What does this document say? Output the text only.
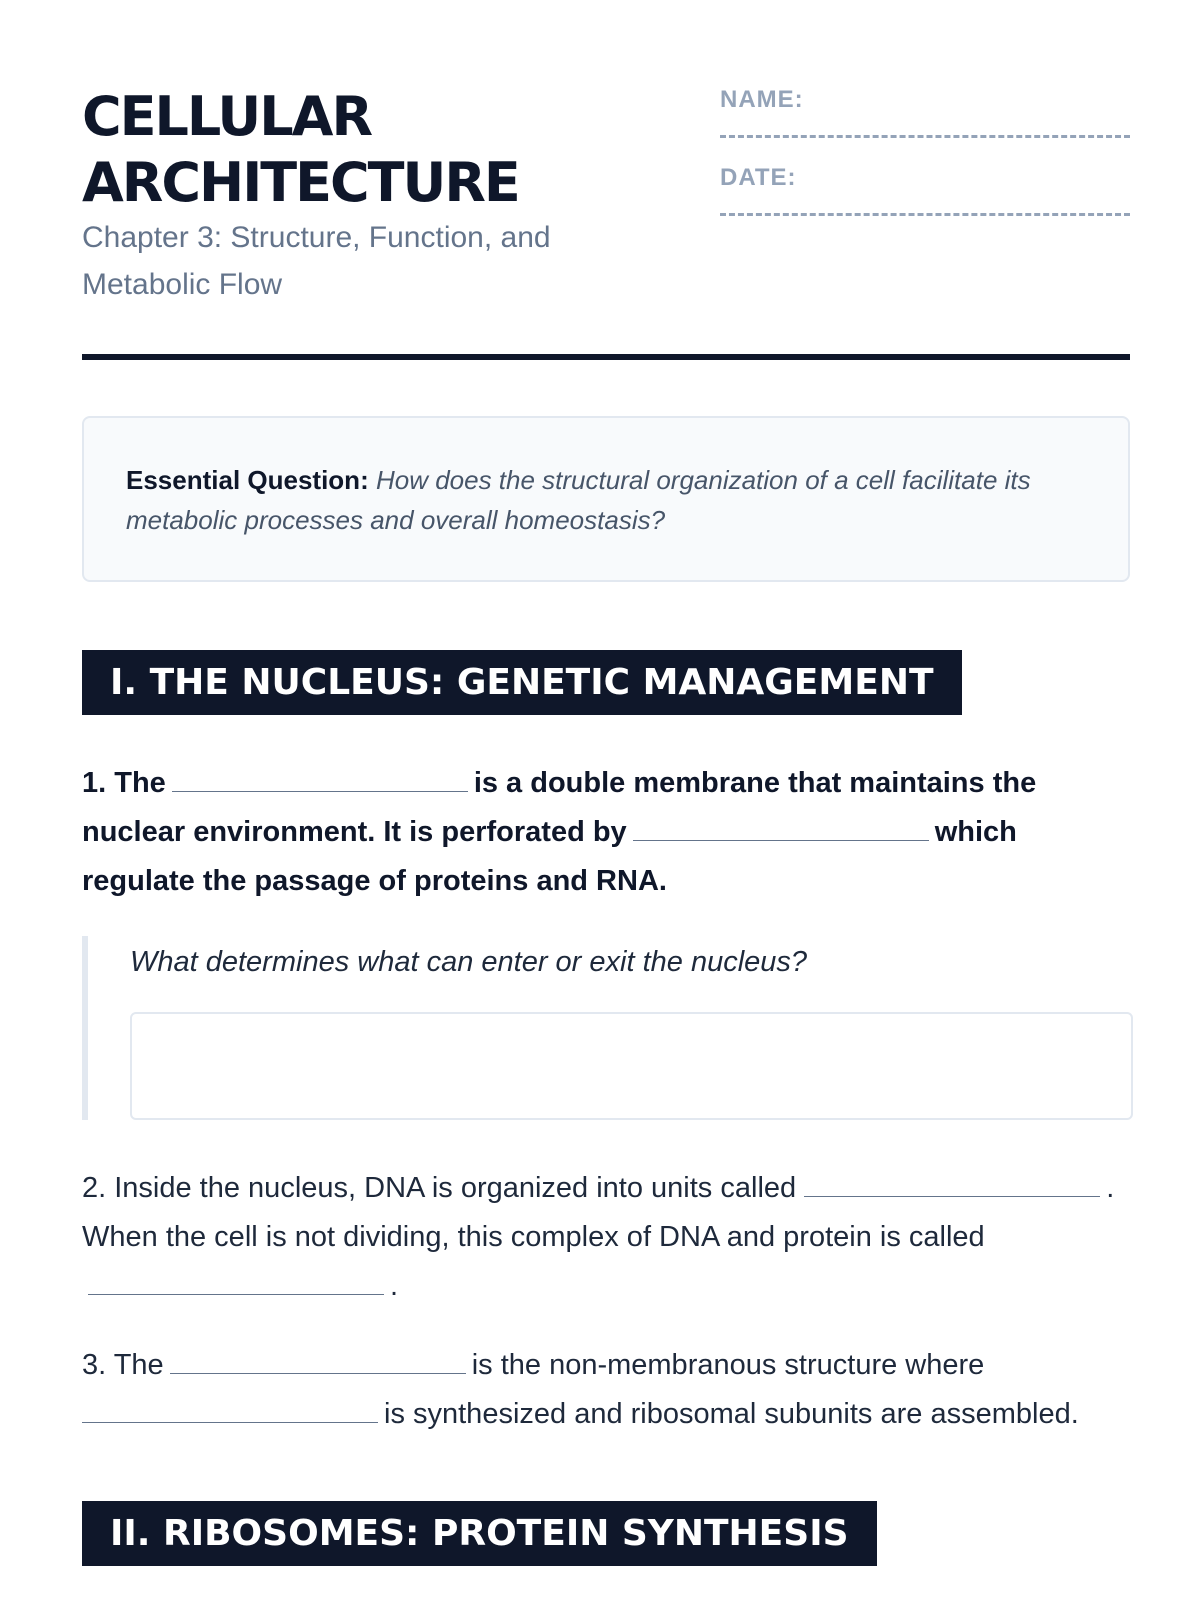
CELLULAR
ARCHITECTURE
Chapter 3: Structure, Function, and Metabolic Flow
NAME:
DATE:
Essential Question: How does the structural organization of a cell facilitate its metabolic processes and overall homeostasis?
I. THE NUCLEUS: GENETIC MANAGEMENT
1. The	is a double membrane that maintains the nuclear environment. It is perforated by	which regulate the passage of proteins and RNA.
What determines what can enter or exit the nucleus?
2. Inside the nucleus, DNA is organized into units called	. When the cell is not dividing, this complex of DNA and protein is called.
3. The	is the non-membranous structure where is synthesized and ribosomal subunits are assembled.
II. RIBOSOMES: PROTEIN SYNTHESIS
